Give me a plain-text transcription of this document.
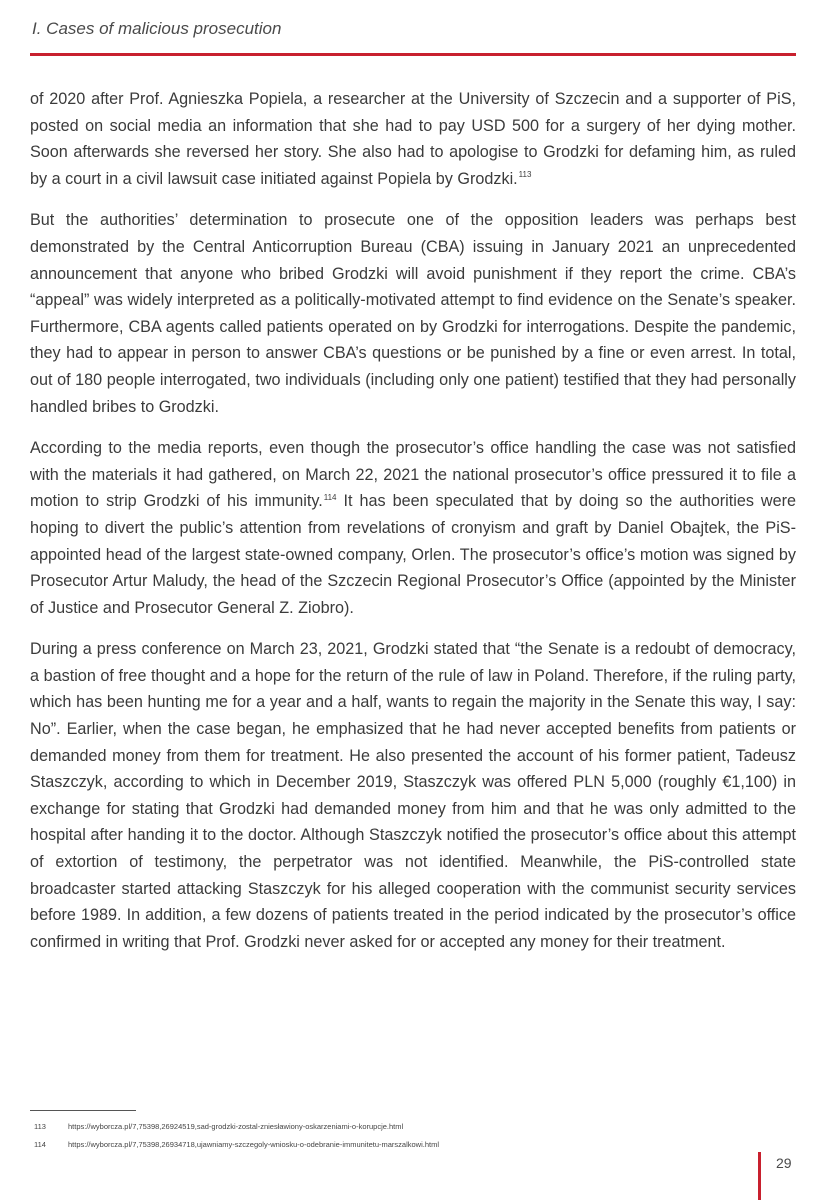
I. Cases of malicious prosecution

of 2020 after Prof. Agnieszka Popiela, a researcher at the University of Szczecin and a supporter of PiS, posted on social media an information that she had to pay USD 500 for a surgery of her dying mother. Soon afterwards she reversed her story. She also had to apologise to Grodzki for defaming him, as ruled by a court in a civil lawsuit case initiated against Popiela by Grodzki.$^{113}$

But the authorities’ determination to prosecute one of the opposition leaders was perhaps best demonstrated by the Central Anticorruption Bureau (CBA) issuing in January 2021 an unprecedented announcement that anyone who bribed Grodzki will avoid punishment if they report the crime. CBA’s “appeal” was widely interpreted as a politically-motivated attempt to find evidence on the Senate’s speaker. Furthermore, CBA agents called patients operated on by Grodzki for interrogations. Despite the pandemic, they had to appear in person to answer CBA’s questions or be punished by a fine or even arrest. In total, out of 180 people interrogated, two individuals (including only one patient) testified that they had personally handled bribes to Grodzki.

According to the media reports, even though the prosecutor’s office handling the case was not satisfied with the materials it had gathered, on March 22, 2021 the national prosecutor’s office pressured it to file a motion to strip Grodzki of his immunity.$^{114}$ It has been speculated that by doing so the authorities were hoping to divert the public’s attention from revelations of cronyism and graft by Daniel Obajtek, the PiS-appointed head of the largest state-owned company, Orlen. The prosecutor’s office’s motion was signed by Prosecutor Artur Maludy, the head of the Szczecin Regional Prosecutor’s Office (appointed by the Minister of Justice and Prosecutor General Z. Ziobro).

During a press conference on March 23, 2021, Grodzki stated that “the Senate is a redoubt of democracy, a bastion of free thought and a hope for the return of the rule of law in Poland. Therefore, if the ruling party, which has been hunting me for a year and a half, wants to regain the majority in the Senate this way, I say: No”. Earlier, when the case began, he emphasized that he had never accepted benefits from patients or demanded money from them for treatment. He also presented the account of his former patient, Tadeusz Staszczyk, according to which in December 2019, Staszczyk was offered PLN 5,000 (roughly €1,100) in exchange for stating that Grodzki had demanded money from him and that he was only admitted to the hospital after handing it to the doctor. Although Staszczyk notified the prosecutor’s office about this attempt of extortion of testimony, the perpetrator was not identified. Meanwhile, the PiS-controlled state broadcaster started attacking Staszczyk for his alleged cooperation with the communist security services before 1989. In addition, a few dozens of patients treated in the period indicated by the prosecutor’s office confirmed in writing that Prof. Grodzki never asked for or accepted any money for their treatment.

113	https://wyborcza.pl/7,75398,26924519,sad-grodzki-zostal-zniesławiony-oskarzeniami-o-korupcje.html
114	https://wyborcza.pl/7,75398,26934718,ujawniamy-szczegoly-wniosku-o-odebranie-immunitetu-marszalkowi.html
29
